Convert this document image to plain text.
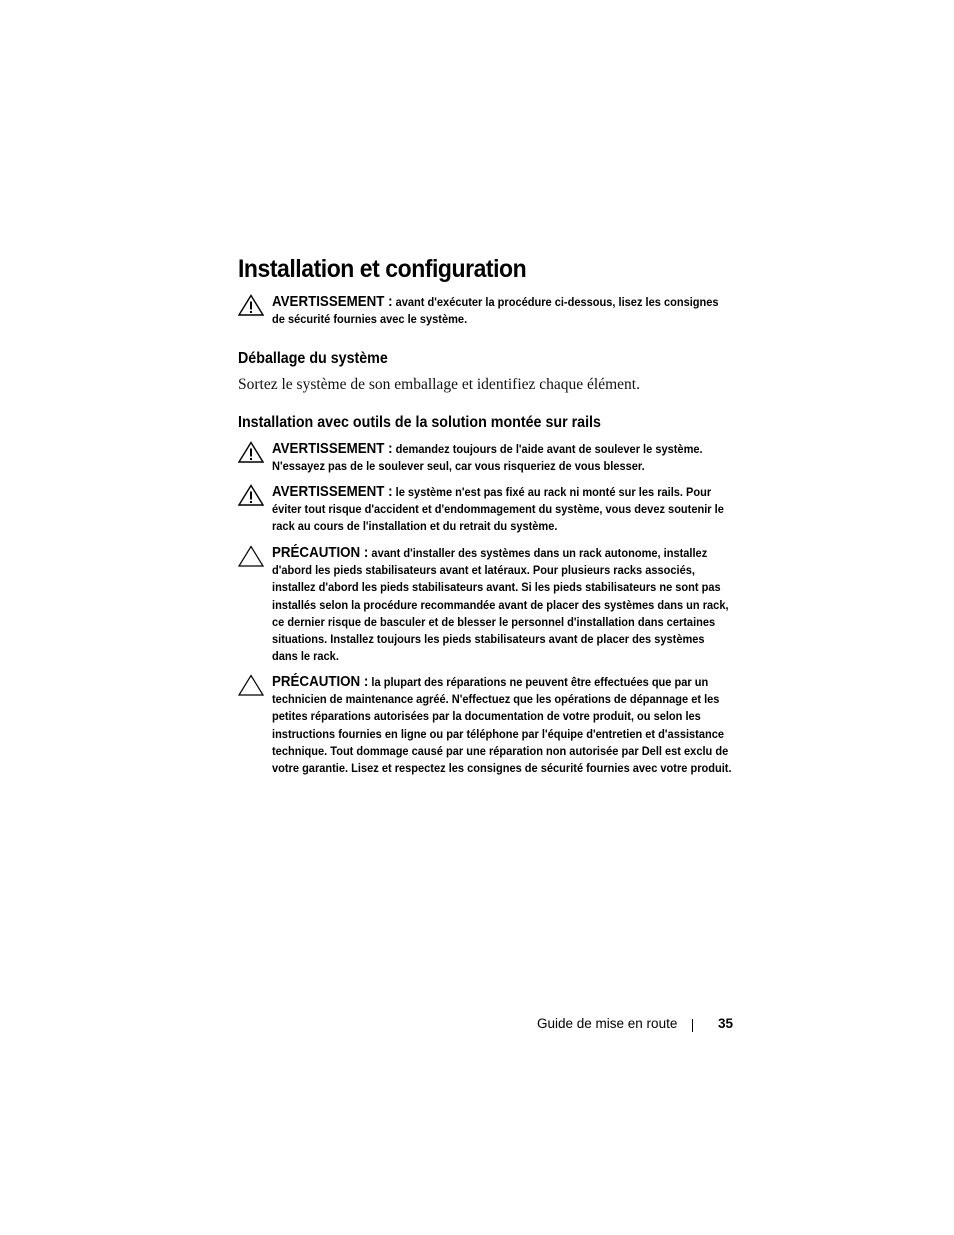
Installation et configuration
AVERTISSEMENT : avant d'exécuter la procédure ci-dessous, lisez les consignes de sécurité fournies avec le système.
Déballage du système
Sortez le système de son emballage et identifiez chaque élément.
Installation avec outils de la solution montée sur rails
AVERTISSEMENT : demandez toujours de l'aide avant de soulever le système. N'essayez pas de le soulever seul, car vous risqueriez de vous blesser.
AVERTISSEMENT : le système n'est pas fixé au rack ni monté sur les rails. Pour éviter tout risque d'accident et d'endommagement du système, vous devez soutenir le rack au cours de l'installation et du retrait du système.
PRÉCAUTION : avant d'installer des systèmes dans un rack autonome, installez d'abord les pieds stabilisateurs avant et latéraux. Pour plusieurs racks associés, installez d'abord les pieds stabilisateurs avant. Si les pieds stabilisateurs ne sont pas installés selon la procédure recommandée avant de placer des systèmes dans un rack, ce dernier risque de basculer et de blesser le personnel d'installation dans certaines situations. Installez toujours les pieds stabilisateurs avant de placer des systèmes dans le rack.
PRÉCAUTION : la plupart des réparations ne peuvent être effectuées que par un technicien de maintenance agréé. N'effectuez que les opérations de dépannage et les petites réparations autorisées par la documentation de votre produit, ou selon les instructions fournies en ligne ou par téléphone par l'équipe d'entretien et d'assistance technique. Tout dommage causé par une réparation non autorisée par Dell est exclu de votre garantie. Lisez et respectez les consignes de sécurité fournies avec votre produit.
Guide de mise en route	35
